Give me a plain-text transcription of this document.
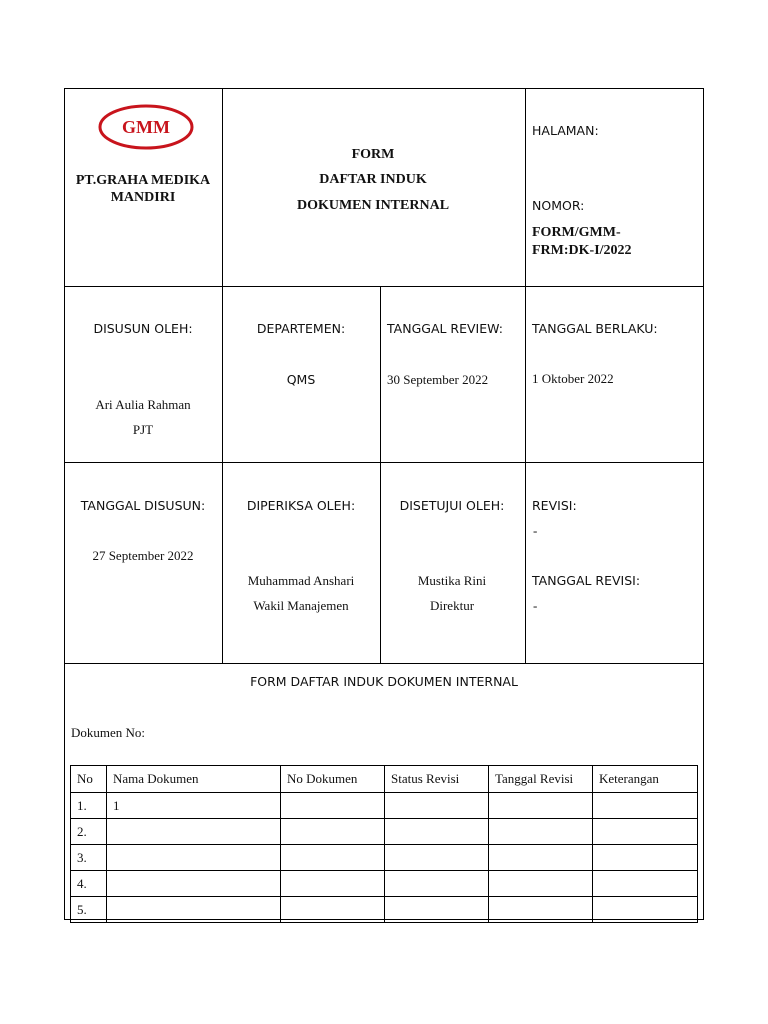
GMM
PT.GRAHA MEDIKA MANDIRI
FORM
DAFTAR INDUK
DOKUMEN INTERNAL
HALAMAN:
NOMOR:
FORM/GMM-
FRM:DK-I/2022
DISUSUN OLEH:
Ari Aulia Rahman
PJT
DEPARTEMEN:
QMS
TANGGAL REVIEW:
30 September 2022
TANGGAL BERLAKU:
1 Oktober 2022
TANGGAL DISUSUN:
27 September 2022
DIPERIKSA OLEH:
Muhammad Anshari
Wakil Manajemen
DISETUJUI OLEH:
Mustika Rini
Direktur
REVISI:
-
TANGGAL REVISI:
-
FORM DAFTAR INDUK DOKUMEN INTERNAL
Dokumen No:
No	Nama Dokumen	No Dokumen	Status Revisi	Tanggal Revisi	Keterangan
1.	1				
2.					
3.					
4.					
5.					
